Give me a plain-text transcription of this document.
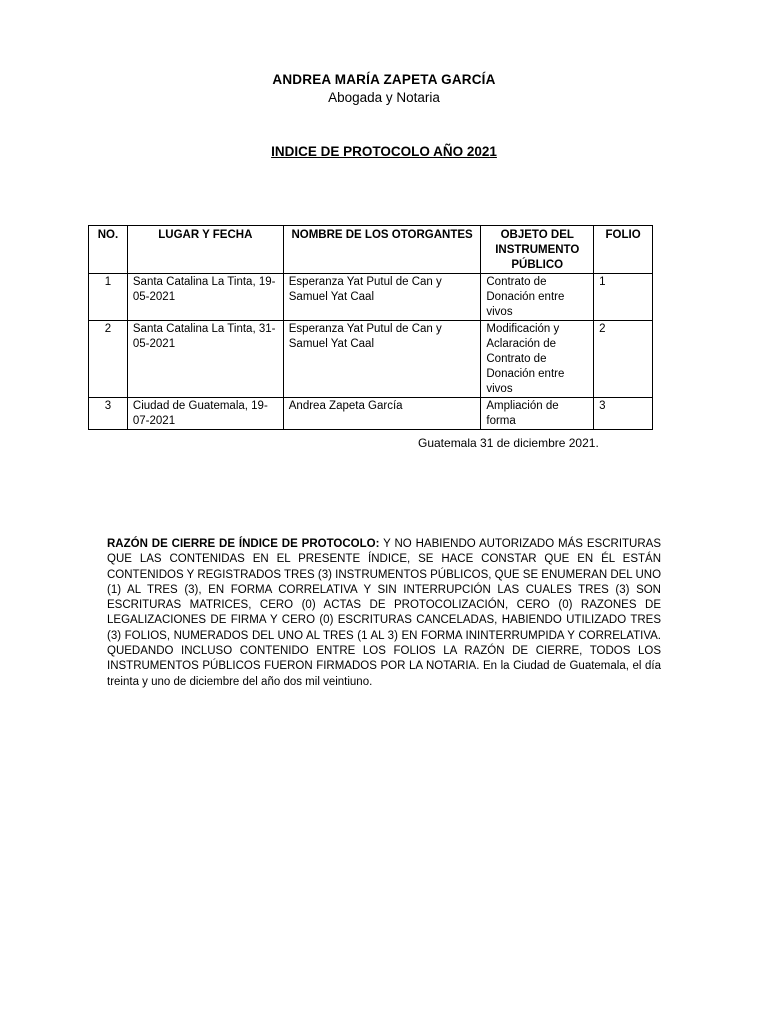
ANDREA MARÍA ZAPETA GARCÍA
Abogada y Notaria
INDICE DE PROTOCOLO AÑO 2021
NO.	LUGAR Y FECHA	NOMBRE DE LOS OTORGANTES	OBJETO DEL INSTRUMENTO PÚBLICO	FOLIO
1	Santa Catalina La Tinta, 19-05-2021	Esperanza Yat Putul de Can y Samuel Yat Caal	Contrato de Donación entre vivos	1
2	Santa Catalina La Tinta, 31-05-2021	Esperanza Yat Putul de Can y Samuel Yat Caal	Modificación y Aclaración de Contrato de Donación entre vivos	2
3	Ciudad de Guatemala, 19-07-2021	Andrea Zapeta García	Ampliación de forma	3
Guatemala 31 de diciembre 2021.
RAZÓN DE CIERRE DE ÍNDICE DE PROTOCOLO: Y NO HABIENDO AUTORIZADO MÁS ESCRITURAS QUE LAS CONTENIDAS EN EL PRESENTE ÍNDICE, SE HACE CONSTAR QUE EN ÉL ESTÁN CONTENIDOS Y REGISTRADOS TRES (3) INSTRUMENTOS PÚBLICOS, QUE SE ENUMERAN DEL UNO (1) AL TRES (3), EN FORMA CORRELATIVA Y SIN INTERRUPCIÓN LAS CUALES TRES (3) SON ESCRITURAS MATRICES, CERO (0) ACTAS DE PROTOCOLIZACIÓN, CERO (0) RAZONES DE LEGALIZACIONES DE FIRMA Y CERO (0) ESCRITURAS CANCELADAS, HABIENDO UTILIZADO TRES (3) FOLIOS, NUMERADOS DEL UNO AL TRES (1 AL 3) EN FORMA ININTERRUMPIDA Y CORRELATIVA. QUEDANDO INCLUSO CONTENIDO ENTRE LOS FOLIOS LA RAZÓN DE CIERRE, TODOS LOS INSTRUMENTOS PÚBLICOS FUERON FIRMADOS POR LA NOTARIA. En la Ciudad de Guatemala, el día treinta y uno de diciembre del año dos mil veintiuno.
